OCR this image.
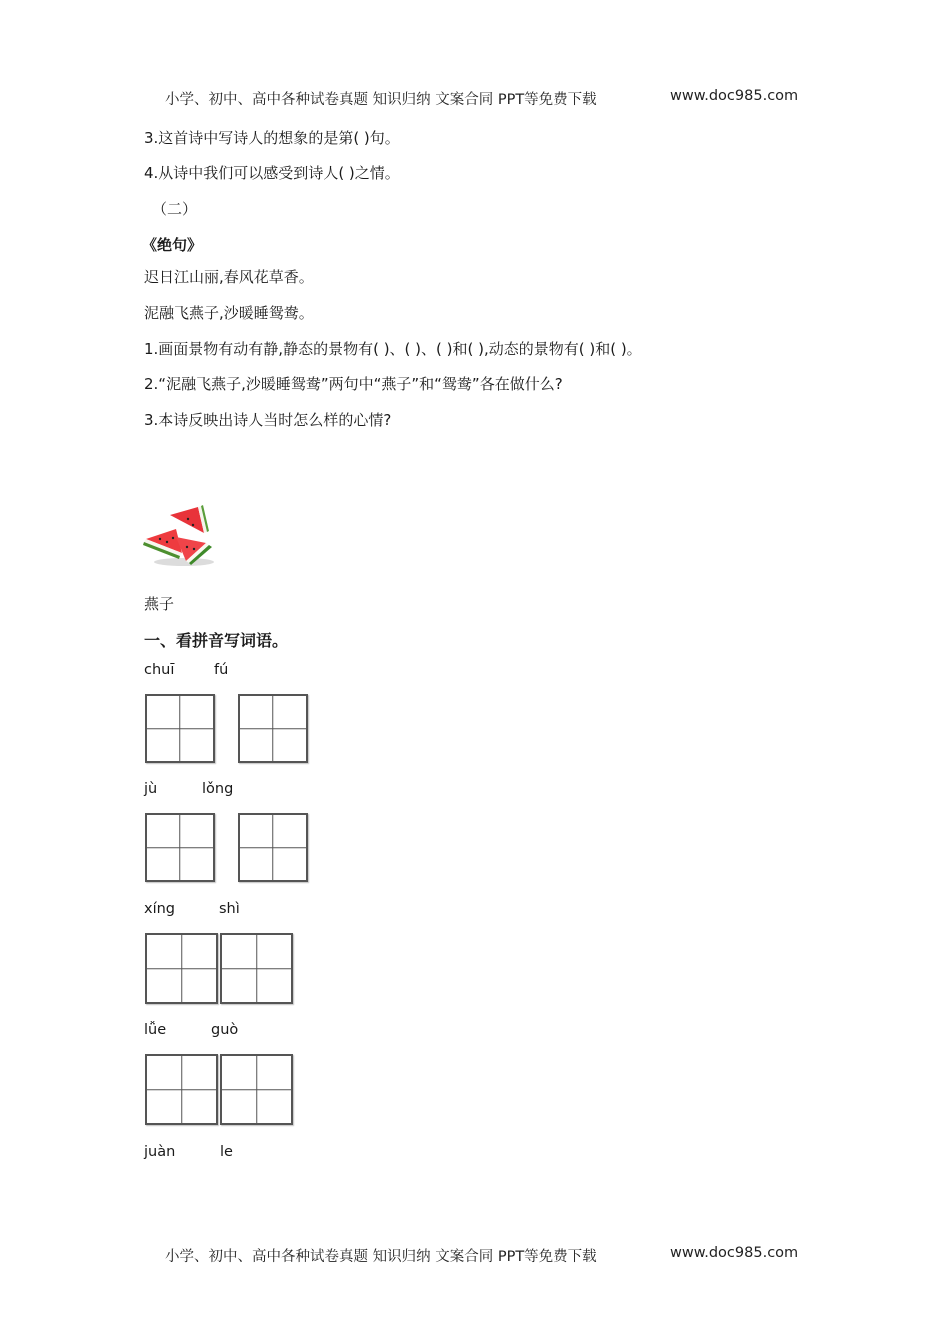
小学、初中、高中各种试卷真题 知识归纳 文案合同 PPT等免费下载	www.doc985.com
3.这首诗中写诗人的想象的是第( )句。
4.从诗中我们可以感受到诗人( )之情。
（二）
《绝句》
迟日江山丽,春风花草香。
泥融飞燕子,沙暖睡鸳鸯。
1.画面景物有动有静,静态的景物有( )、( )、( )和( ),动态的景物有( )和( )。
2.“泥融飞燕子,沙暖睡鸳鸯”两句中“燕子”和“鸳鸯”各在做什么?
3.本诗反映出诗人当时怎么样的心情?
燕子
一、看拼音写词语。
chuī	fú
jù	lǒng
xíng	shì
lǚe	guò
juàn	le
小学、初中、高中各种试卷真题 知识归纳 文案合同 PPT等免费下载	www.doc985.com
